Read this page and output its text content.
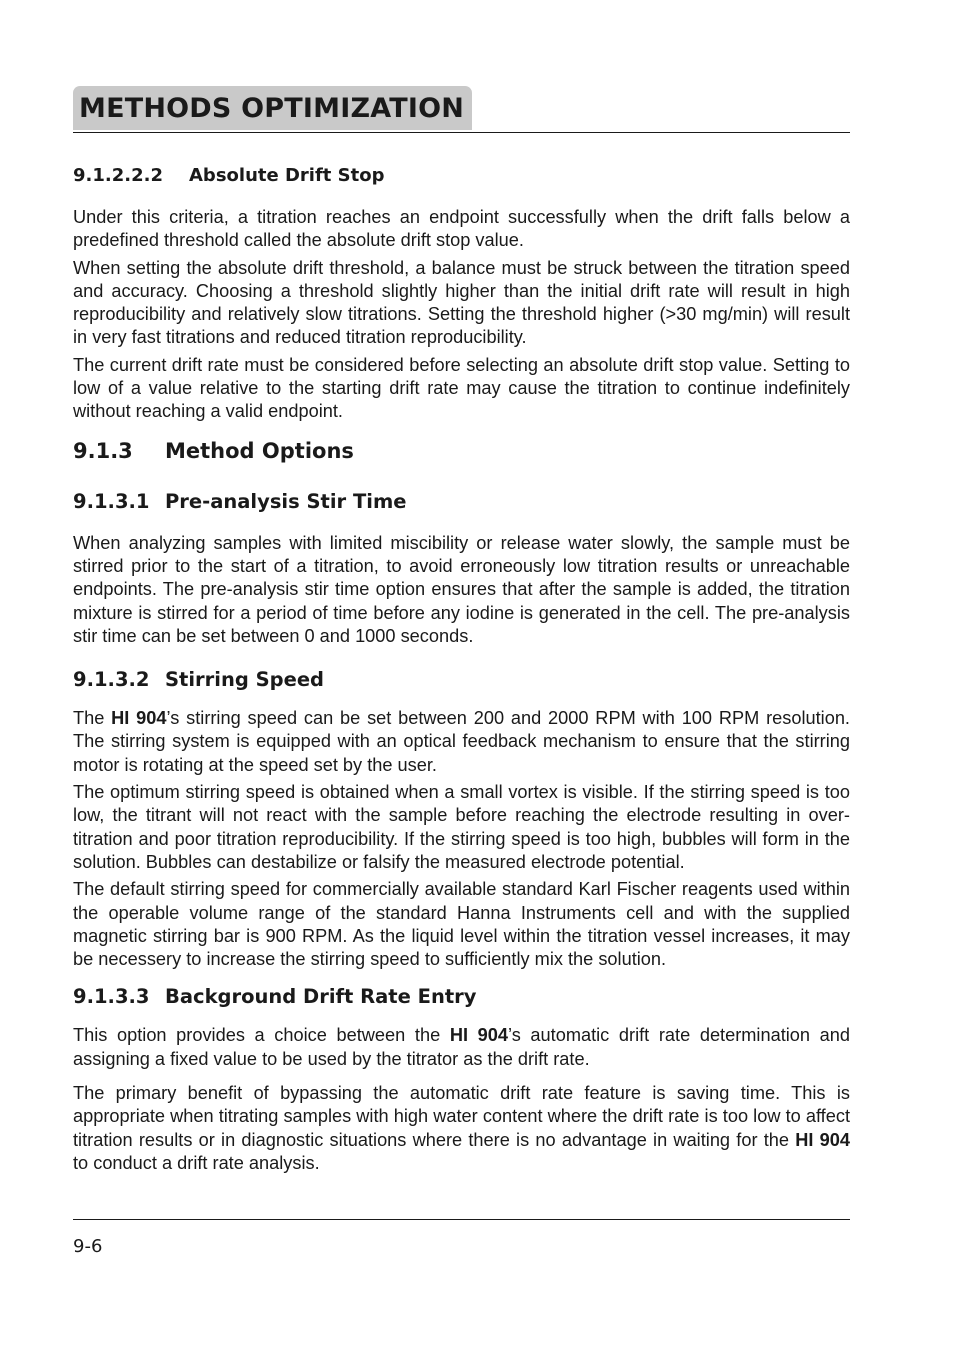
METHODS OPTIMIZATION
9.1.2.2.2 Absolute Drift Stop

Under this criteria, a titration reaches an endpoint successfully when the drift falls below a predefined threshold called the absolute drift stop value.

When setting the absolute drift threshold, a balance must be struck between the titration speed and accuracy. Choosing a threshold slightly higher than the initial drift rate will result in high reproducibility and relatively slow titrations. Setting the threshold higher (>30 mg/min) will result in very fast titrations and reduced titration reproducibility.

The current drift rate must be considered before selecting an absolute drift stop value. Setting to low of a value relative to the starting drift rate may cause the titration to continue indefinitely without reaching a valid endpoint.

9.1.3 Method Options
9.1.3.1 Pre-analysis Stir Time

When analyzing samples with limited miscibility or release water slowly, the sample must be stirred prior to the start of a titration, to avoid erroneously low titration results or unreachable endpoints. The pre-analysis stir time option ensures that after the sample is added, the titration mixture is stirred for a period of time before any iodine is generated in the cell. The pre-analysis stir time can be set between 0 and 1000 seconds.

9.1.3.2 Stirring Speed

The HI 904’s stirring speed can be set between 200 and 2000 RPM with 100 RPM resolution. The stirring system is equipped with an optical feedback mechanism to ensure that the stirring motor is rotating at the speed set by the user.

The optimum stirring speed is obtained when a small vortex is visible. If the stirring speed is too low, the titrant will not react with the sample before reaching the electrode resulting in over-titration and poor titration reproducibility. If the stirring speed is too high, bubbles will form in the solution. Bubbles can destabilize or falsify the measured electrode potential.

The default stirring speed for commercially available standard Karl Fischer reagents used within the operable volume range of the standard Hanna Instruments cell and with the supplied magnetic stirring bar is 900 RPM. As the liquid level within the titration vessel increases, it may be necessery to increase the stirring speed to sufficiently mix the solution.

9.1.3.3 Background Drift Rate Entry

This option provides a choice between the HI 904’s automatic drift rate determination and assigning a fixed value to be used by the titrator as the drift rate.

The primary benefit of bypassing the automatic drift rate feature is saving time. This is appropriate when titrating samples with high water content where the drift rate is too low to affect titration results or in diagnostic situations where there is no advantage in waiting for the HI 904 to conduct a drift rate analysis.

9-6
